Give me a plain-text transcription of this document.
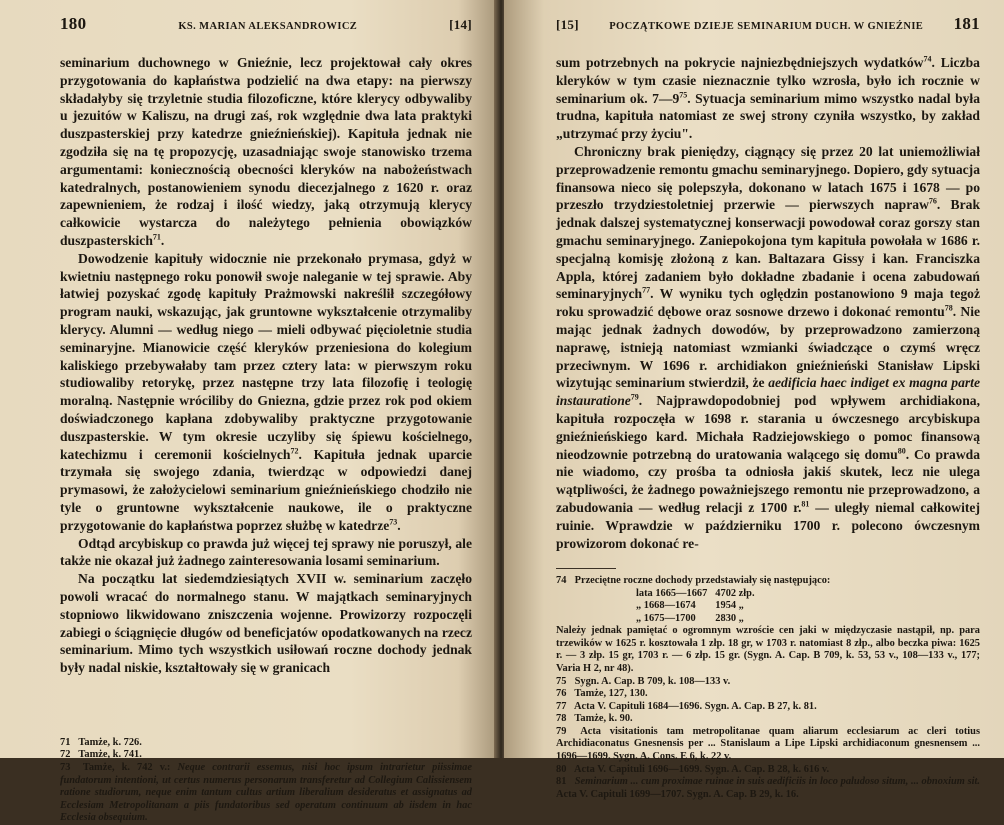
180	KS. MARIAN ALEKSANDROWICZ	[14]

seminarium duchownego w Gnieźnie, lecz projektował cały okres przygotowania do kapłaństwa podzielić na dwa etapy: na pierwszy składałyby się trzyletnie studia filozoficzne, które klerycy odbywaliby u jezuitów w Kaliszu, na drugi zaś, rok względnie dwa lata praktyki duszpasterskiej przy katedrze gnieźnieńskiej). Kapituła jednak nie zgodziła się na tę propozycję, uzasadniając swoje stanowisko trzema argumentami: koniecznością obecności kleryków na nabożeństwach katedralnych, postanowieniem synodu diecezjalnego z 1620 r. oraz zapewnieniem, że rodzaj i ilość wiedzy, jaką otrzymują klerycy całkowicie wystarcza do należytego pełnienia obowiązków duszpasterskich$^{71}$.

Dowodzenie kapituły widocznie nie przekonało prymasa, gdyż w kwietniu następnego roku ponowił swoje naleganie w tej sprawie. Aby łatwiej pozyskać zgodę kapituły Prażmowski nakreślił szczegółowy program nauki, wskazując, jak gruntowne wykształcenie otrzymaliby klerycy. Alumni — według niego — mieli odbywać pięcioletnie studia seminaryjne. Mianowicie część kleryków przeniesiona do kolegium kaliskiego przebywałaby tam przez cztery lata: w pierwszym roku studiowaliby retorykę, przez następne trzy lata filozofię i teologię moralną. Następnie wróciliby do Gniezna, gdzie przez rok pod okiem doświadczonego kapłana zdobywaliby praktyczne przygotowanie duszpasterskie. W tym okresie uczyliby się śpiewu kościelnego, katechizmu i ceremonii kościelnych$^{72}$. Kapituła jednak uparcie trzymała się swojego zdania, twierdząc w odpowiedzi danej prymasowi, że założycielowi seminarium gnieźnieńskiego chodziło nie tyle o gruntowne wykształcenie naukowe, ile o praktyczne przygotowanie do kapłaństwa poprzez służbę w katedrze$^{73}$.

Odtąd arcybiskup co prawda już więcej tej sprawy nie poruszył, ale także nie okazał już żadnego zainteresowania losami seminarium.

Na początku lat siedemdziesiątych XVII w. seminarium zaczęło powoli wracać do normalnego stanu. W majątkach seminaryjnych stopniowo likwidowano zniszczenia wojenne. Prowizorzy rozpoczęli zabiegi o ściągnięcie długów od beneficjatów opodatkowanych na rzecz seminarium. Mimo tych wszystkich usiłowań roczne dochody jednak były nadal niskie, kształtowały się w granicach

71 Tamże, k. 726.

72 Tamże, k. 741.

73 Tamże, k. 742 v.: Neque contrarii essemus, nisi hoc ipsum intrarietur piissimae fundatorum intentioni, ut certus numerus personarum transferetur ad Collegium Calissiensem ratione studiorum, neque enim tantum cultus artium liberalium desideratus et assignatus ad Ecclesiam Metropolitanam a piis fundatoribus sed operatum continuum ab iisdem in hac Ecclesia obsequium.

[15]	POCZĄTKOWE DZIEJE SEMINARIUM DUCH. W GNIEŹNIE 181

sum potrzebnych na pokrycie najniezbędniejszych wydatków$^{74}$. Liczba kleryków w tym czasie nieznacznie tylko wzrosła, było ich rocznie w seminarium ok. $7—9^{75}$. Sytuacja seminarium mimo wszystko nadal była trudna, kapituła natomiast ze swej strony czyniła wszystko, by zakład „utrzymać przy życiu".

Chroniczny brak pieniędzy, ciągnący się przez 20 lat uniemożliwiał przeprowadzenie remontu gmachu seminaryjnego. Dopiero, gdy sytuacja finansowa nieco się polepszyła, dokonano w latach 1675 i 1678 — po przeszło trzydziestoletniej przerwie — pierwszych napraw$^{76}$. Brak jednak dalszej systematycznej konserwacji powodował coraz gorszy stan gmachu seminaryjnego. Zaniepokojona tym kapituła powołała w 1686 r. specjalną komisję złożoną z kan. Baltazara Gissy i kan. Franciszka Appla, której zadaniem było dokładne zbadanie i ocena zabudowań seminaryjnych$^{77}$. W wyniku tych oględzin postanowiono 9 maja tegoż roku sprowadzić dębowe oraz sosnowe drzewo i dokonać remontu$^{78}$. Nie mając jednak żadnych dowodów, by przeprowadzono zamierzoną naprawę, istnieją natomiast wzmianki świadczące o czymś wręcz przeciwnym. W 1696 r. archidiakon gnieźnieński Stanisław Lipski wizytując seminarium stwierdził, że aedificia haec indiget ex magna parte instauratione$^{79}$. Najprawdopodobniej pod wpływem archidiakona, kapituła rozpoczęła w 1698 r. starania u ówczesnego arcybiskupa gnieźnieńskiego kard. Michała Radziejowskiego o pomoc finansową nieodzownie potrzebną do uratowania walącego się domu$^{80}$. Co prawda nie wiadomo, czy prośba ta odniosła jakiś skutek, lecz nie ulega wątpliwości, że żadnego poważniejszego remontu nie przeprowadzono, a zabudowania — według relacji z 1700 r.$^{81}$ — uległy niemal całkowitej ruinie. Wprawdzie w październiku 1700 r. polecono ówczesnym prowizorom dokonać re-

74 Przeciętne roczne dochody przedstawiały się następująco:

lata 1665—1667	4702 złp.
„ 1668—1674	1954 „
„ 1675—1700	2830 „

Należy jednak pamiętać o ogromnym wzroście cen jaki w międzyczasie nastąpił, np. para trzewików w 1625 r. kosztowała 1 złp. 18 gr, w 1703 r. natomiast 8 złp., albo beczka piwa: 1625 r. — 3 złp. 15 gr, 1703 r. — 6 złp. 15 gr. (Sygn. A. Cap. B 709, k. 53, 53 v., 108—133 v., 177; Varia H 2, nr 48).

75 Sygn. A. Cap. B 709, k. 108—133 v.

76 Tamże, 127, 130.

77 Acta V. Capituli 1684—1696. Sygn. A. Cap. B 27, k. 81.

78 Tamże, k. 90.

79 Acta visitationis tam metropolitanae quam aliarum ecclesiarum ac cleri totius Archidiaconatus Gnesnensis per ... Stanislaum a Lipe Lipski archidiaconum gnesnensem ... 1696—1699. Sygn. A. Cons. E 6, k. 22 v.

80 Acta V. Capituli 1696—1699. Sygn. A. Cap. B 28, k. 616 v.

81 Seminarium ... cum proximae ruinae in suis aedificiis in loco paludoso situm, ... obnoxium sit. Acta V. Capituli 1699—1707. Sygn. A. Cap. B 29, k. 16.
